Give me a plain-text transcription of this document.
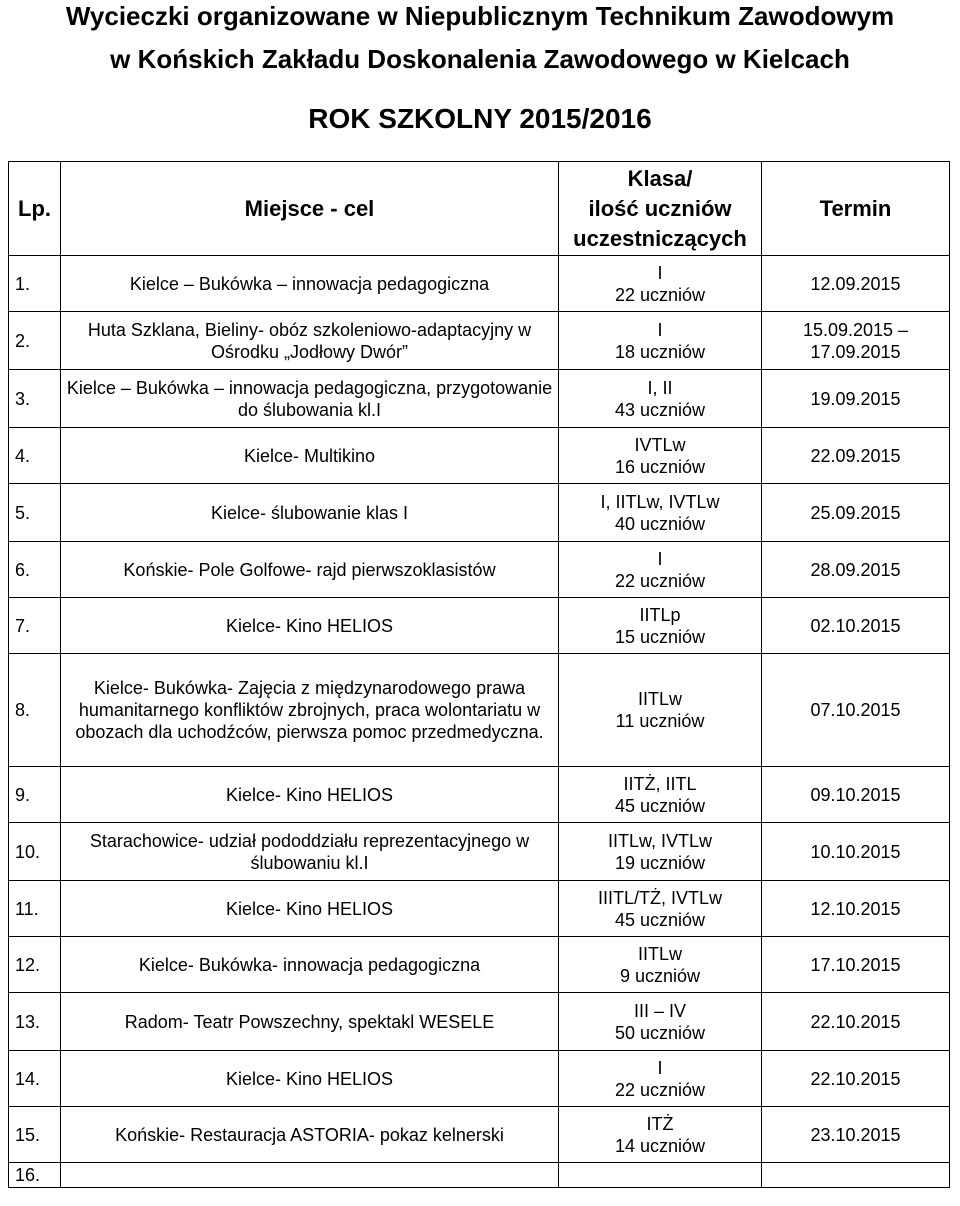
Wycieczki organizowane w Niepublicznym Technikum Zawodowym
w Końskich Zakładu Doskonalenia Zawodowego w Kielcach
ROK SZKOLNY 2015/2016
Lp.	Miejsce - cel	Klasa/
ilość uczniów
uczestniczących	Termin
1.	Kielce – Bukówka – innowacja pedagogiczna	I
22 uczniów	12.09.2015

2.	Huta Szklana, Bieliny- obóz szkoleniowo-adaptacyjny w Ośrodku „Jodłowy Dwór”	I
18 uczniów	15.09.2015 –
17.09.2015

3.	Kielce – Bukówka – innowacja pedagogiczna, przygotowanie do ślubowania kl.I	I, II
43 uczniów	19.09.2015

4.	Kielce- Multikino	IVTLw
16 uczniów	22.09.2015

5.	Kielce- ślubowanie klas I	I, IITLw, IVTLw
40 uczniów	25.09.2015

6.	Końskie- Pole Golfowe- rajd pierwszoklasistów	I
22 uczniów	28.09.2015

7.	Kielce- Kino HELIOS	IITLp
15 uczniów	02.10.2015

8.	Kielce- Bukówka- Zajęcia z międzynarodowego prawa humanitarnego konfliktów zbrojnych, praca wolontariatu w obozach dla uchodźców, pierwsza pomoc przedmedyczna.	IITLw
11 uczniów	07.10.2015

9.	Kielce- Kino HELIOS	IITŻ, IITL
45 uczniów	09.10.2015

10.	Starachowice- udział pododdziału reprezentacyjnego w ślubowaniu kl.I	IITLw, IVTLw
19 uczniów	10.10.2015

11.	Kielce- Kino HELIOS	IIITL/TŻ, IVTLw
45 uczniów	12.10.2015

12.	Kielce- Bukówka- innowacja pedagogiczna	IITLw
9 uczniów	17.10.2015

13.	Radom- Teatr Powszechny, spektakl WESELE	III – IV
50 uczniów	22.10.2015

14.	Kielce- Kino HELIOS	I
22 uczniów	22.10.2015

15.	Końskie- Restauracja ASTORIA- pokaz kelnerski	ITŻ
14 uczniów	23.10.2015

16.		
